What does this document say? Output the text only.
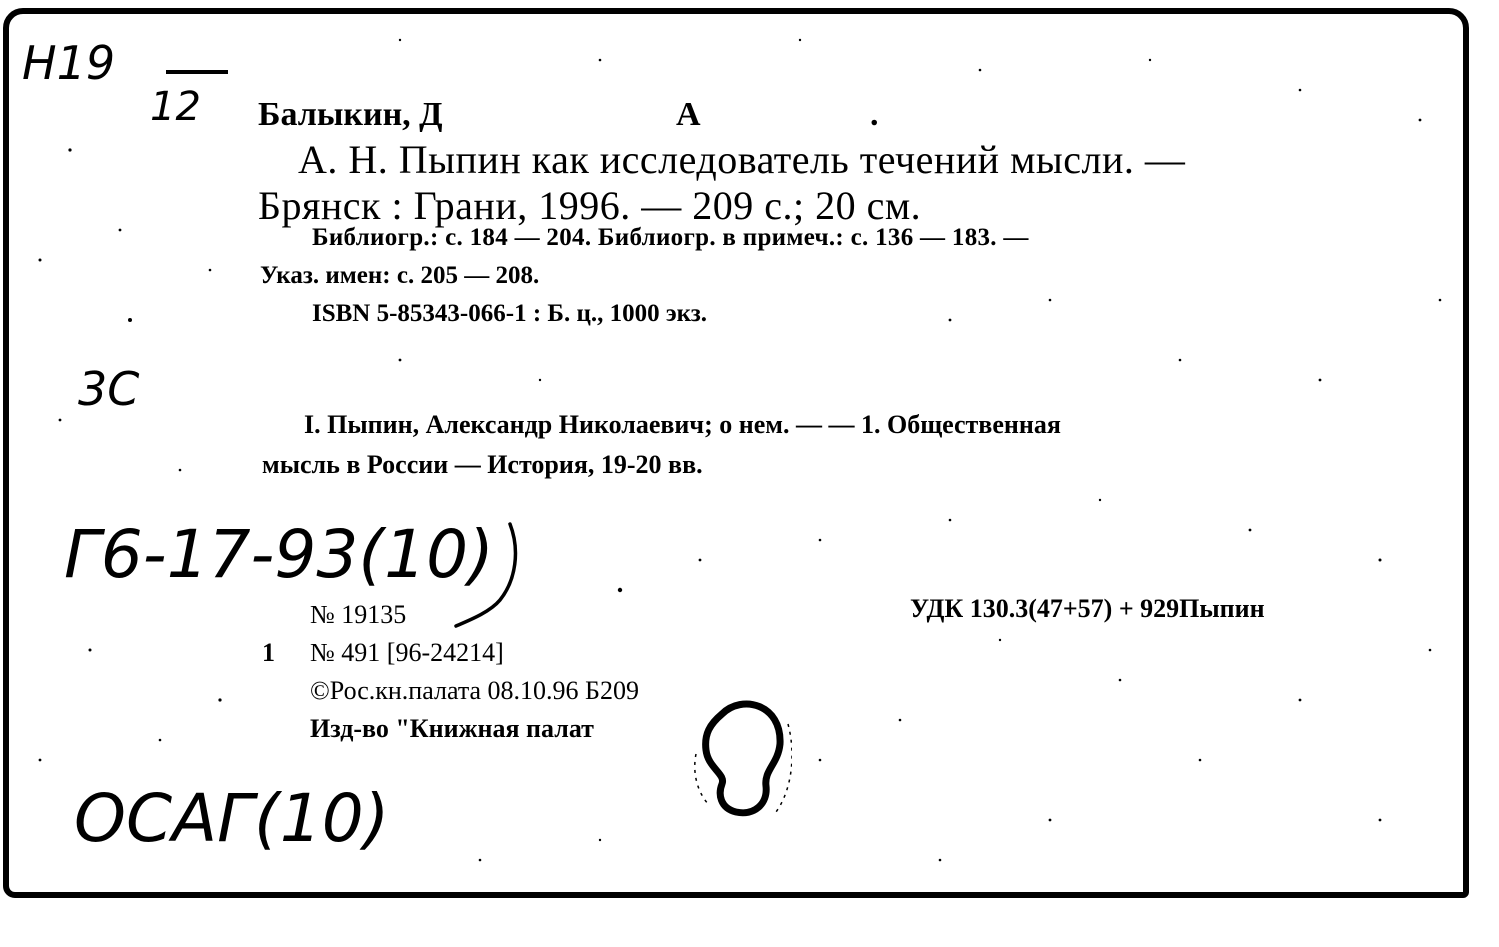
Н19
12
3С
Г6-17-93(10)
ОСАГ(10)
Балыкин, Д	А	.
А. Н. Пыпин как исследователь течений мысли. —
Брянск : Грани, 1996. — 209 с.; 20 см.
Библиогр.: с. 184 — 204. Библиогр. в примеч.: с. 136 — 183. —
Указ. имен: с. 205 — 208.
ISBN 5-85343-066-1 : Б. ц., 1000 экз.
I. Пыпин, Александр Николаевич; о нем. — — 1. Общественная
мысль в России — История, 19-20 вв.
№ 19135
1 № 491 [96-24214]
©Рос.кн.палата 08.10.96 Б209
Изд-во "Книжная палат
УДК 130.3(47+57) + 929Пыпин
